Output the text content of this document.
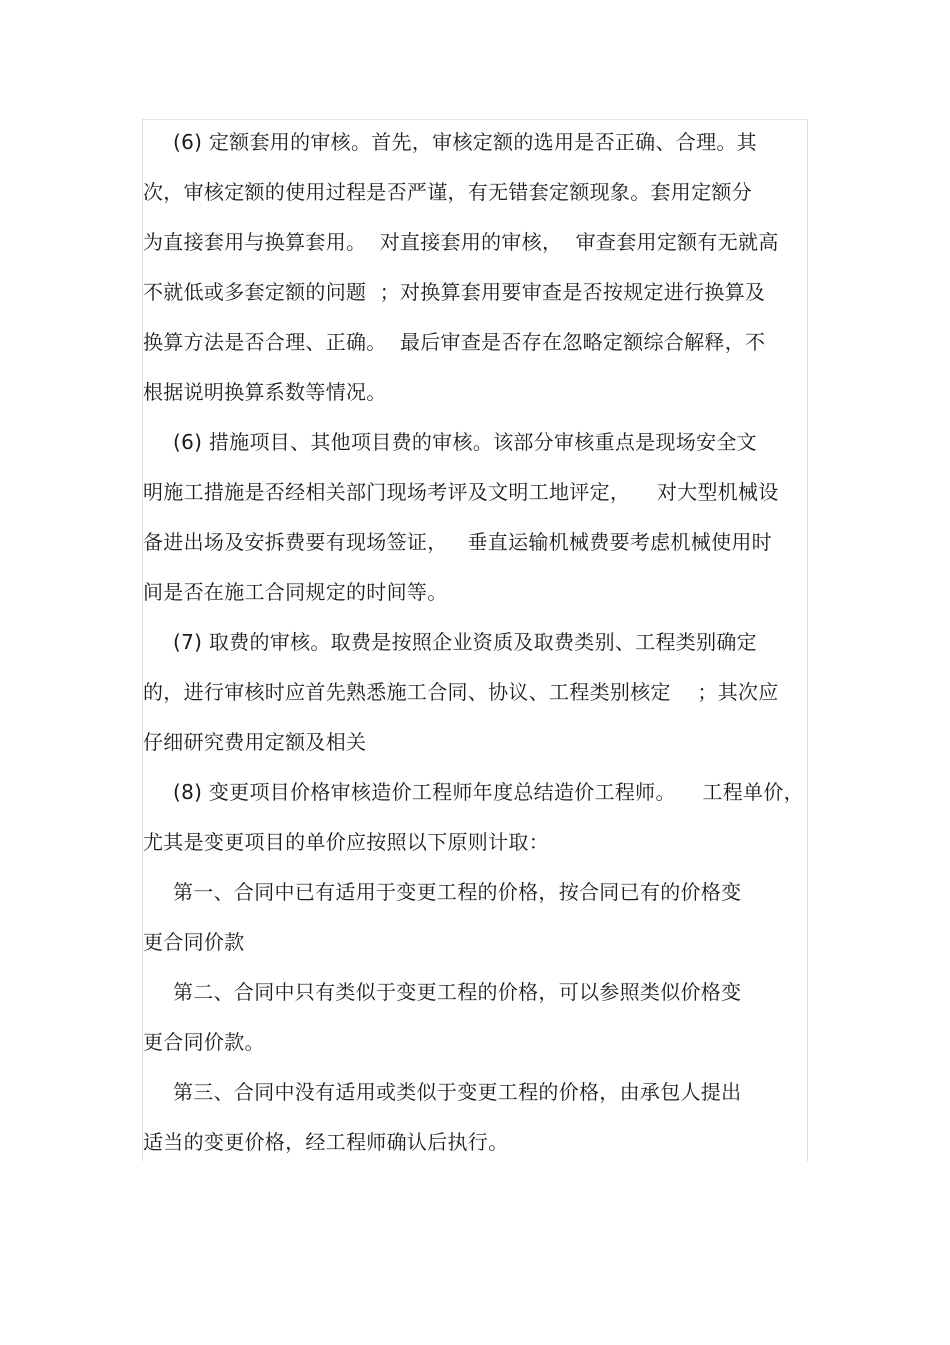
(6) 定额套用的审核。首先，审核定额的选用是否正确、合理。其
次，审核定额的使用过程是否严谨，有无错套定额现象。套用定额分
为直接套用与换算套用。  对直接套用的审核，  审查套用定额有无就高
不就低或多套定额的问题  ；对换算套用要审查是否按规定进行换算及
换算方法是否合理、正确。  最后审查是否存在忽略定额综合解释，不
根据说明换算系数等情况。
(6) 措施项目、其他项目费的审核。该部分审核重点是现场安全文
明施工措施是否经相关部门现场考评及文明工地评定，    对大型机械设
备进出场及安拆费要有现场签证，   垂直运输机械费要考虑机械使用时
间是否在施工合同规定的时间等。
(7) 取费的审核。取费是按照企业资质及取费类别、工程类别确定
的，进行审核时应首先熟悉施工合同、协议、工程类别核定    ；其次应
仔细研究费用定额及相关
(8) 变更项目价格审核造价工程师年度总结造价工程师。    工程单价，
尤其是变更项目的单价应按照以下原则计取：
第一、合同中已有适用于变更工程的价格，按合同已有的价格变
更合同价款
第二、合同中只有类似于变更工程的价格，可以参照类似价格变
更合同价款。
第三、合同中没有适用或类似于变更工程的价格，由承包人提出
适当的变更价格，经工程师确认后执行。
